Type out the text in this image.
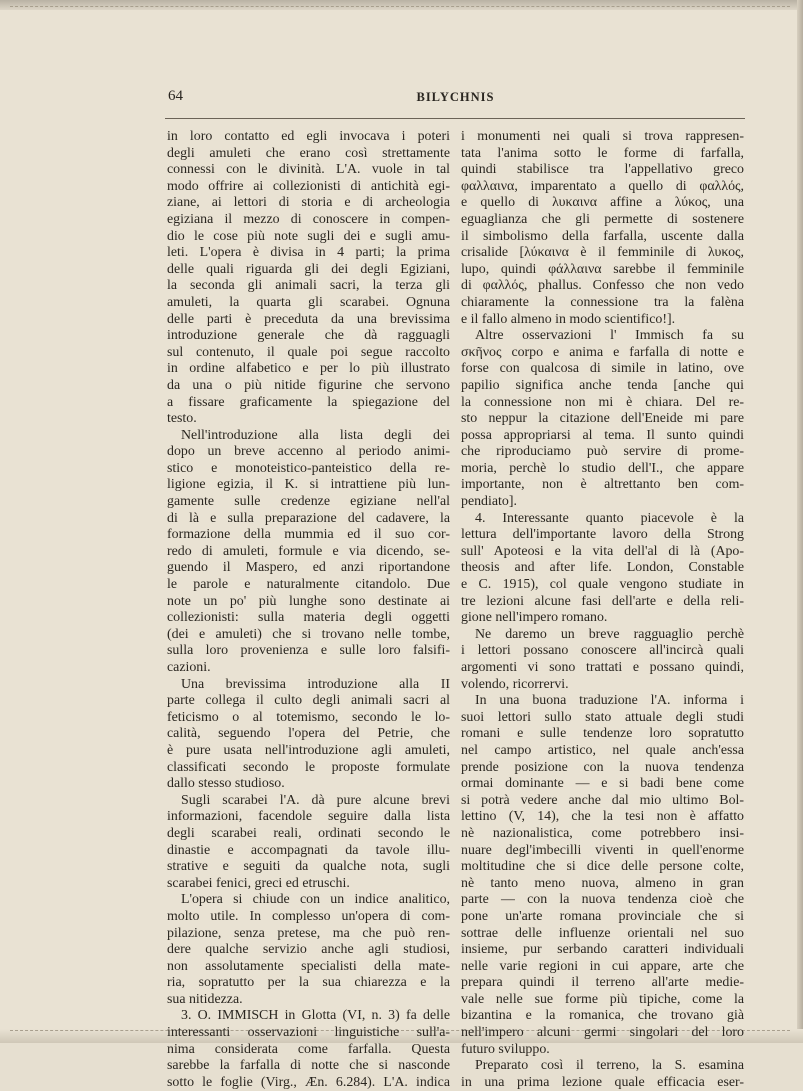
64	BILYCHNIS
in loro contatto ed egli invocava i poteri
degli amuleti che erano così strettamente
connessi con le divinità. L'A. vuole in tal
modo offrire ai collezionisti di antichità egi-
ziane, ai lettori di storia e di archeologia
egiziana il mezzo di conoscere in compen-
dio le cose più note sugli dei e sugli amu-
leti. L'opera è divisa in 4 parti; la prima
delle quali riguarda gli dei degli Egiziani,
la seconda gli animali sacri, la terza gli
amuleti, la quarta gli scarabei. Ognuna
delle parti è preceduta da una brevissima
introduzione generale che dà ragguagli
sul contenuto, il quale poi segue raccolto
in ordine alfabetico e per lo più illustrato
da una o più nitide figurine che servono
a fissare graficamente la spiegazione del
testo.
Nell'introduzione alla lista degli dei
dopo un breve accenno al periodo animi-
stico e monoteistico-panteistico della re-
ligione egizia, il K. si intrattiene più lun-
gamente sulle credenze egiziane nell'al
di là e sulla preparazione del cadavere, la
formazione della mummia ed il suo cor-
redo di amuleti, formule e via dicendo, se-
guendo il Maspero, ed anzi riportandone
le parole e naturalmente citandolo. Due
note un po' più lunghe sono destinate ai
collezionisti: sulla materia degli oggetti
(dei e amuleti) che si trovano nelle tombe,
sulla loro provenienza e sulle loro falsifi-
cazioni.
Una brevissima introduzione alla II
parte collega il culto degli animali sacri al
feticismo o al totemismo, secondo le lo-
calità, seguendo l'opera del Petrie, che
è pure usata nell'introduzione agli amuleti,
classificati secondo le proposte formulate
dallo stesso studioso.
Sugli scarabei l'A. dà pure alcune brevi
informazioni, facendole seguire dalla lista
degli scarabei reali, ordinati secondo le
dinastie e accompagnati da tavole illu-
strative e seguiti da qualche nota, sugli
scarabei fenici, greci ed etruschi.
L'opera si chiude con un indice analitico,
molto utile. In complesso un'opera di com-
pilazione, senza pretese, ma che può ren-
dere qualche servizio anche agli studiosi,
non assolutamente specialisti della mate-
ria, sopratutto per la sua chiarezza e la
sua nitidezza.
3. O. IMMISCH in Glotta (VI, n. 3) fa delle
interessanti osservazioni linguistiche sull'a-
nima considerata come farfalla. Questa
sarebbe la farfalla di notte che si nasconde
sotto le foglie (Virg., Æn. 6.284). L'A. indica
i monumenti nei quali si trova rappresen-
tata l'anima sotto le forme di farfalla,
quindi stabilisce tra l'appellativo greco
φαλλαινα, imparentato a quello di φαλλός,
e quello di λυκαινα affine a λύκος, una
eguaglianza che gli permette di sostenere
il simbolismo della farfalla, uscente dalla
crisalide [λύκαινα è il femminile di λυκος,
lupo, quindi φάλλαινα sarebbe il femminile
di φαλλός, phallus. Confesso che non vedo
chiaramente la connessione tra la falèna
e il fallo almeno in modo scientifico!].
Altre osservazioni l' Immisch fa su
σκῆνος corpo e anima e farfalla di notte e
forse con qualcosa di simile in latino, ove
papilio significa anche tenda [anche qui
la connessione non mi è chiara. Del re-
sto neppur la citazione dell'Eneide mi pare
possa appropriarsi al tema. Il sunto quindi
che riproduciamo può servire di prome-
moria, perchè lo studio dell'I., che appare
importante, non è altrettanto ben com-
pendiato].
4. Interessante quanto piacevole è la
lettura dell'importante lavoro della Strong
sull' Apoteosi e la vita dell'al di là (Apo-
theosis and after life. London, Constable
e C. 1915), col quale vengono studiate in
tre lezioni alcune fasi dell'arte e della reli-
gione nell'impero romano.
Ne daremo un breve ragguaglio perchè
i lettori possano conoscere all'incircà quali
argomenti vi sono trattati e possano quindi,
volendo, ricorrervi.
In una buona traduzione l'A. informa i
suoi lettori sullo stato attuale degli studi
romani e sulle tendenze loro sopratutto
nel campo artistico, nel quale anch'essa
prende posizione con la nuova tendenza
ormai dominante — e si badi bene come
si potrà vedere anche dal mio ultimo Bol-
lettino (V, 14), che la tesi non è affatto
nè nazionalistica, come potrebbero insi-
nuare degl'imbecilli viventi in quell'enorme
moltitudine che si dice delle persone colte,
nè tanto meno nuova, almeno in gran
parte — con la nuova tendenza cioè che
pone un'arte romana provinciale che si
sottrae delle influenze orientali nel suo
insieme, pur serbando caratteri individuali
nelle varie regioni in cui appare, arte che
prepara quindi il terreno all'arte medie-
vale nelle sue forme più tipiche, come la
bizantina e la romanica, che trovano già
nell'impero alcuni germi singolari del loro
futuro sviluppo.
Preparato così il terreno, la S. esamina
in una prima lezione quale efficacia eser-
